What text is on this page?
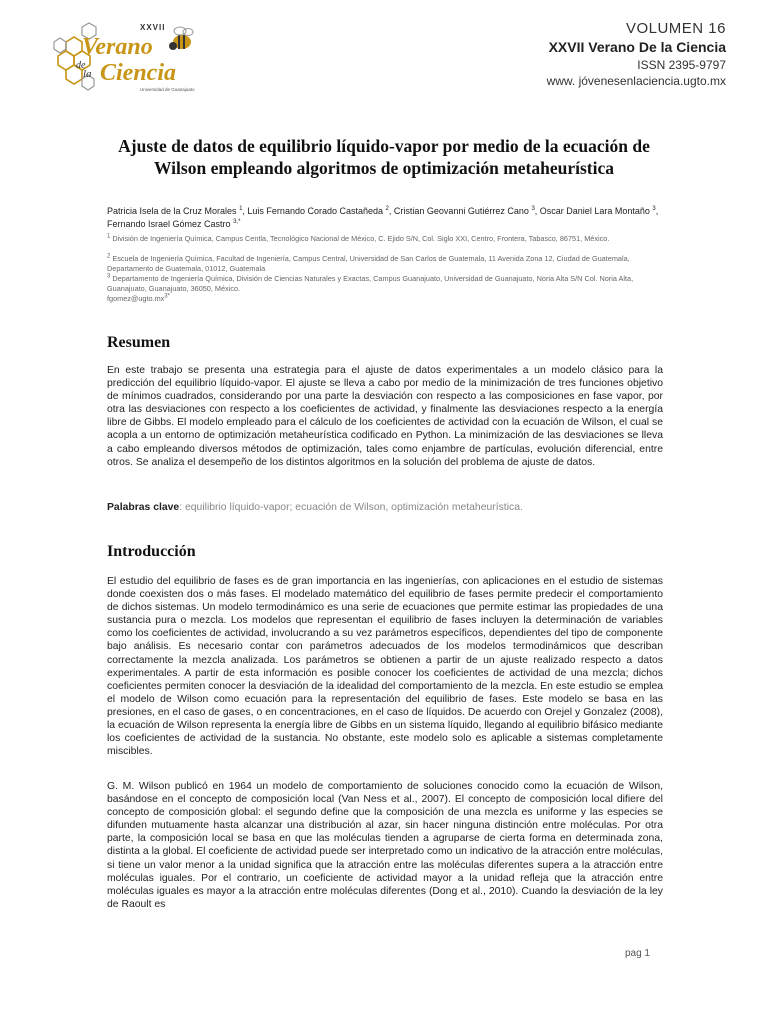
XXVII
Verano
de
la Ciencia
Universidad de Guanajuato
VOLUMEN 16
XXVII Verano De la Ciencia
ISSN 2395-9797
www. jóvenesenlaciencia.ugto.mx
Ajuste de datos de equilibrio líquido-vapor por medio de la ecuación de Wilson empleando algoritmos de optimización metaheurística
Patricia Isela de la Cruz Morales $^1$, Luis Fernando Corado Castañeda $^2$, Cristian Geovanni Gutiérrez Cano $^3$, Oscar Daniel Lara Montaño $^3$, Fernando Israel Gómez Castro $^{3,*}$
$^1$ División de Ingeniería Química, Campus Centla, Tecnológico Nacional de México, C. Ejido S/N, Col. Siglo XXI, Centro, Frontera, Tabasco, 86751, México.
$^2$ Escuela de Ingeniería Química, Facultad de Ingeniería, Campus Central, Universidad de San Carlos de Guatemala, 11 Avenida Zona 12, Ciudad de Guatemala, Departamento de Guatemala, 01012, Guatemala
$^3$ Departamento de Ingeniería Química, División de Ciencias Naturales y Exactas, Campus Guanajuato, Universidad de Guanajuato, Noria Alta S/N Col. Noria Alta, Guanajuato, Guanajuato, 36050, México.
$fgomez@ugto.mx^{3*}$
Resumen
En este trabajo se presenta una estrategia para el ajuste de datos experimentales a un modelo clásico para la predicción del equilibrio líquido-vapor. El ajuste se lleva a cabo por medio de la minimización de tres funciones objetivo de mínimos cuadrados, considerando por una parte la desviación con respecto a las composiciones en fase vapor, por otra las desviaciones con respecto a los coeficientes de actividad, y finalmente las desviaciones respecto a la energía libre de Gibbs. El modelo empleado para el cálculo de los coeficientes de actividad con la ecuación de Wilson, el cual se acopla a un entorno de optimización metaheurística codificado en Python. La minimización de las desviaciones se lleva a cabo empleando diversos métodos de optimización, tales como enjambre de partículas, evolución diferencial, entre otros. Se analiza el desempeño de los distintos algoritmos en la solución del problema de ajuste de datos.
Palabras clave: equilibrio líquido-vapor; ecuación de Wilson, optimización metaheurística.
Introducción
El estudio del equilibrio de fases es de gran importancia en las ingenierías, con aplicaciones en el estudio de sistemas donde coexisten dos o más fases. El modelado matemático del equilibrio de fases permite predecir el comportamiento de dichos sistemas. Un modelo termodinámico es una serie de ecuaciones que permite estimar las propiedades de una sustancia pura o mezcla. Los modelos que representan el equilibrio de fases incluyen la determinación de variables como los coeficientes de actividad, involucrando a su vez parámetros específicos, dependientes del tipo de componente bajo análisis. Es necesario contar con parámetros adecuados de los modelos termodinámicos que describan correctamente la mezcla analizada. Los parámetros se obtienen a partir de un ajuste realizado respecto a datos experimentales. A partir de esta información es posible conocer los coeficientes de actividad de una mezcla; dichos coeficientes permiten conocer la desviación de la idealidad del comportamiento de la mezcla. En este estudio se emplea el modelo de Wilson como ecuación para la representación del equilibrio de fases. Este modelo se basa en las presiones, en el caso de gases, o en concentraciones, en el caso de líquidos. De acuerdo con Orejel y Gonzalez (2008), la ecuación de Wilson representa la energía libre de Gibbs en un sistema líquido, llegando al equilibrio bifásico mediante los coeficientes de actividad de la sustancia. No obstante, este modelo solo es aplicable a sistemas completamente miscibles.
G. M. Wilson publicó en 1964 un modelo de comportamiento de soluciones conocido como la ecuación de Wilson, basándose en el concepto de composición local (Van Ness et al., 2007). El concepto de composición local difiere del concepto de composición global: el segundo define que la composición de una mezcla es uniforme y las especies se difunden mutuamente hasta alcanzar una distribución al azar, sin hacer ninguna distinción entre moléculas. Por otra parte, la composición local se basa en que las moléculas tienden a agruparse de cierta forma en determinada zona, distinta a la global. El coeficiente de actividad puede ser interpretado como un indicativo de la atracción entre moléculas, si tiene un valor menor a la unidad significa que la atracción entre las moléculas diferentes supera a la atracción entre moléculas iguales. Por el contrario, un coeficiente de actividad mayor a la unidad refleja que la atracción entre moléculas iguales es mayor a la atracción entre moléculas diferentes (Dong et al., 2010). Cuando la desviación de la ley de Raoult es
pag 1
